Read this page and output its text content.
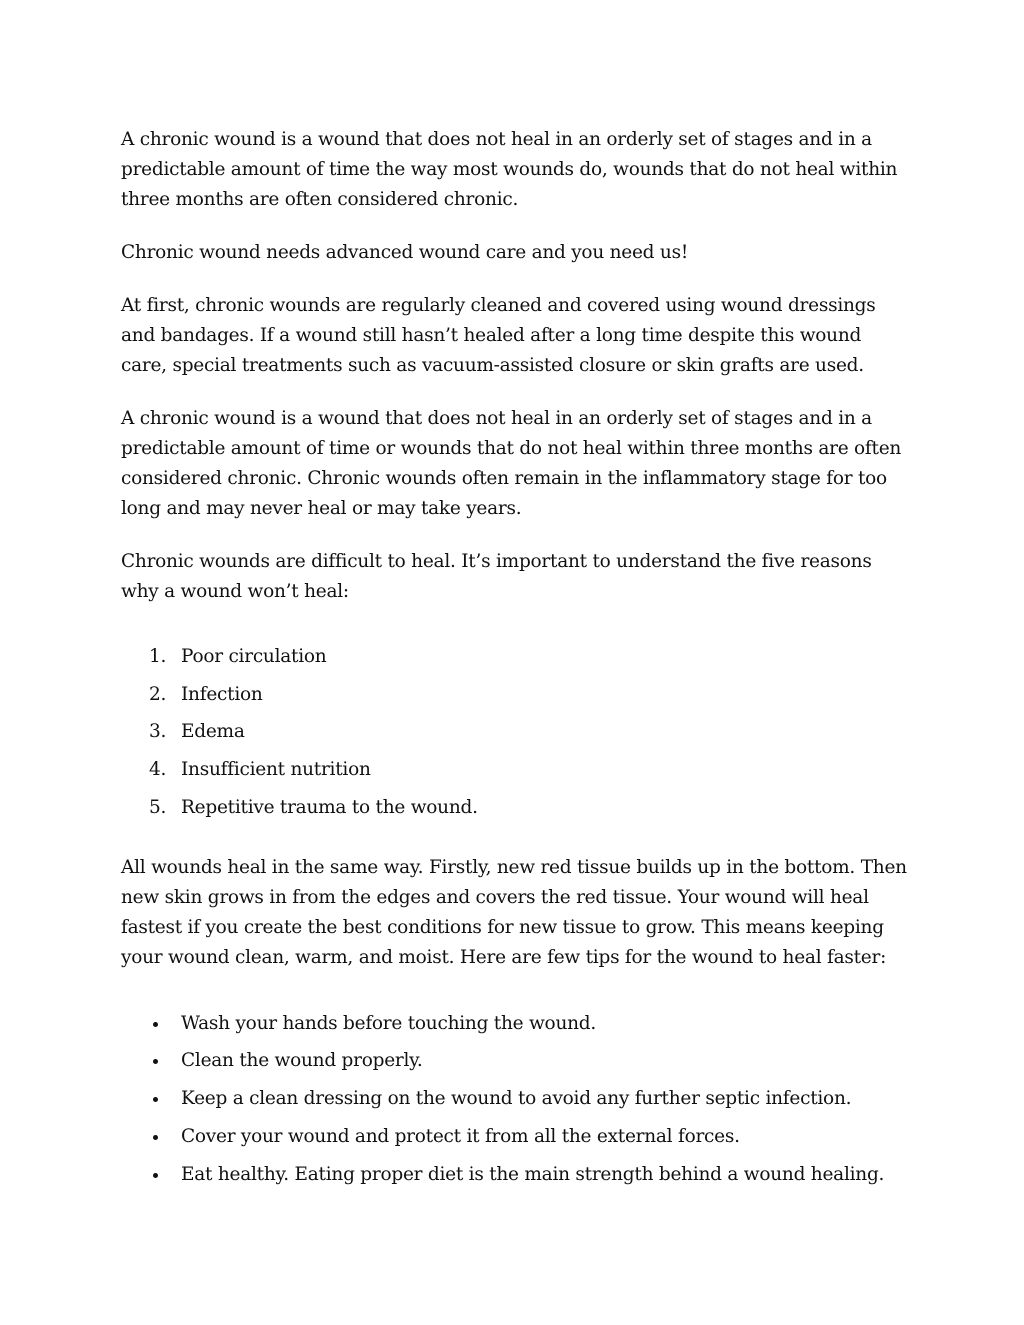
A chronic wound is a wound that does not heal in an orderly set of stages and in a predictable amount of time the way most wounds do, wounds that do not heal within three months are often considered chronic.

Chronic wound needs advanced wound care and you need us!

At first, chronic wounds are regularly cleaned and covered using wound dressings and bandages. If a wound still hasn’t healed after a long time despite this wound care, special treatments such as vacuum-assisted closure or skin grafts are used.

A chronic wound is a wound that does not heal in an orderly set of stages and in a predictable amount of time or wounds that do not heal within three months are often considered chronic. Chronic wounds often remain in the inflammatory stage for too long and may never heal or may take years.

Chronic wounds are difficult to heal. It’s important to understand the five reasons why a wound won’t heal:

1. Poor circulation
2. Infection
3. Edema
4. Insufficient nutrition
5. Repetitive trauma to the wound.

All wounds heal in the same way. Firstly, new red tissue builds up in the bottom. Then new skin grows in from the edges and covers the red tissue. Your wound will heal fastest if you create the best conditions for new tissue to grow. This means keeping your wound clean, warm, and moist. Here are few tips for the wound to heal faster:

Wash your hands before touching the wound.
Clean the wound properly.
Keep a clean dressing on the wound to avoid any further septic infection.
Cover your wound and protect it from all the external forces.
Eat healthy. Eating proper diet is the main strength behind a wound healing.
